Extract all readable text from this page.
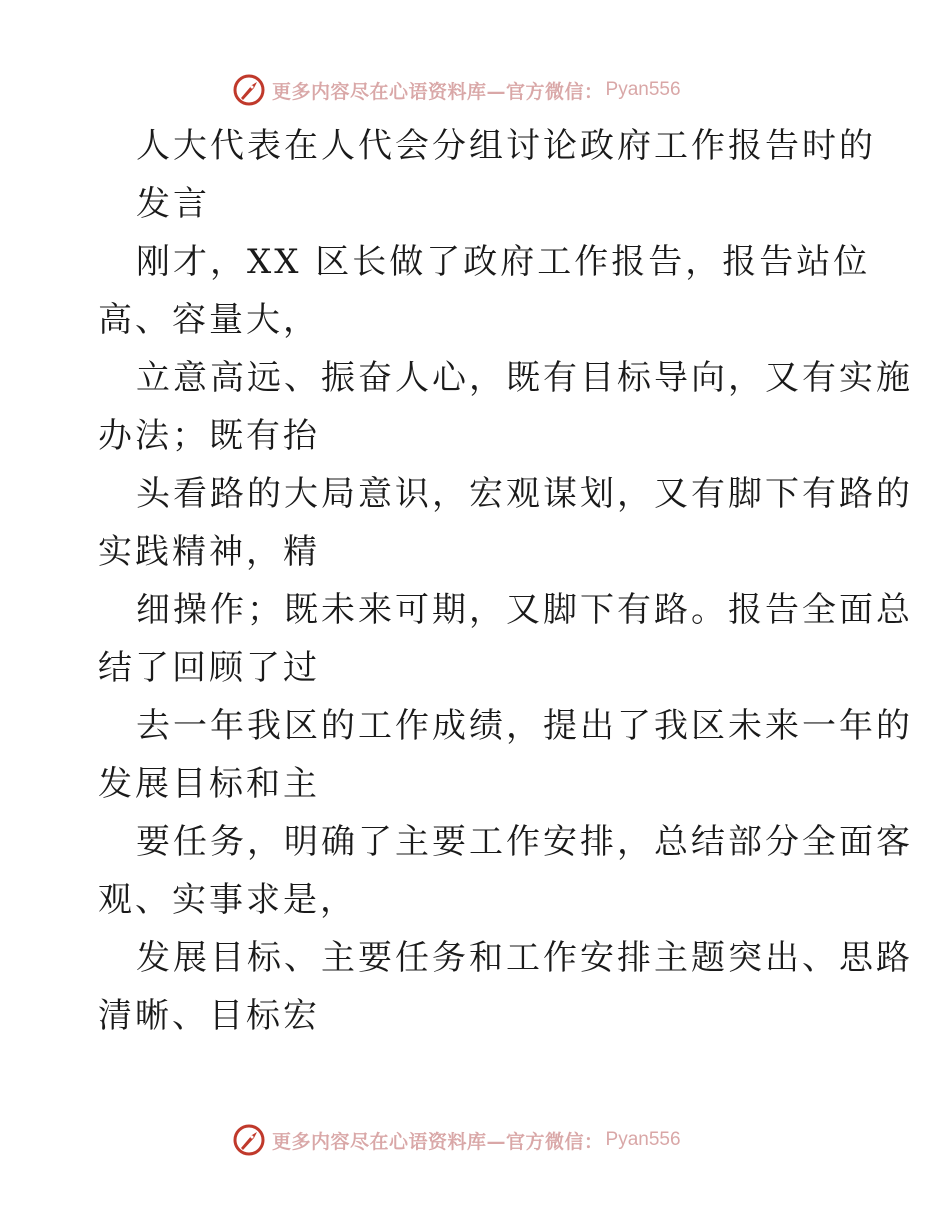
更多内容尽在心语资料库—官方微信： Pyan556
人大代表在人代会分组讨论政府工作报告时的
发言
刚才，XX 区长做了政府工作报告，报告站位
高、容量大，
立意高远、振奋人心，既有目标导向，又有实施
办法；既有抬
头看路的大局意识，宏观谋划，又有脚下有路的
实践精神，精
细操作；既未来可期，又脚下有路。报告全面总
结了回顾了过
去一年我区的工作成绩，提出了我区未来一年的
发展目标和主
要任务，明确了主要工作安排，总结部分全面客
观、实事求是，
发展目标、主要任务和工作安排主题突出、思路
清晰、目标宏
更多内容尽在心语资料库—官方微信： Pyan556
